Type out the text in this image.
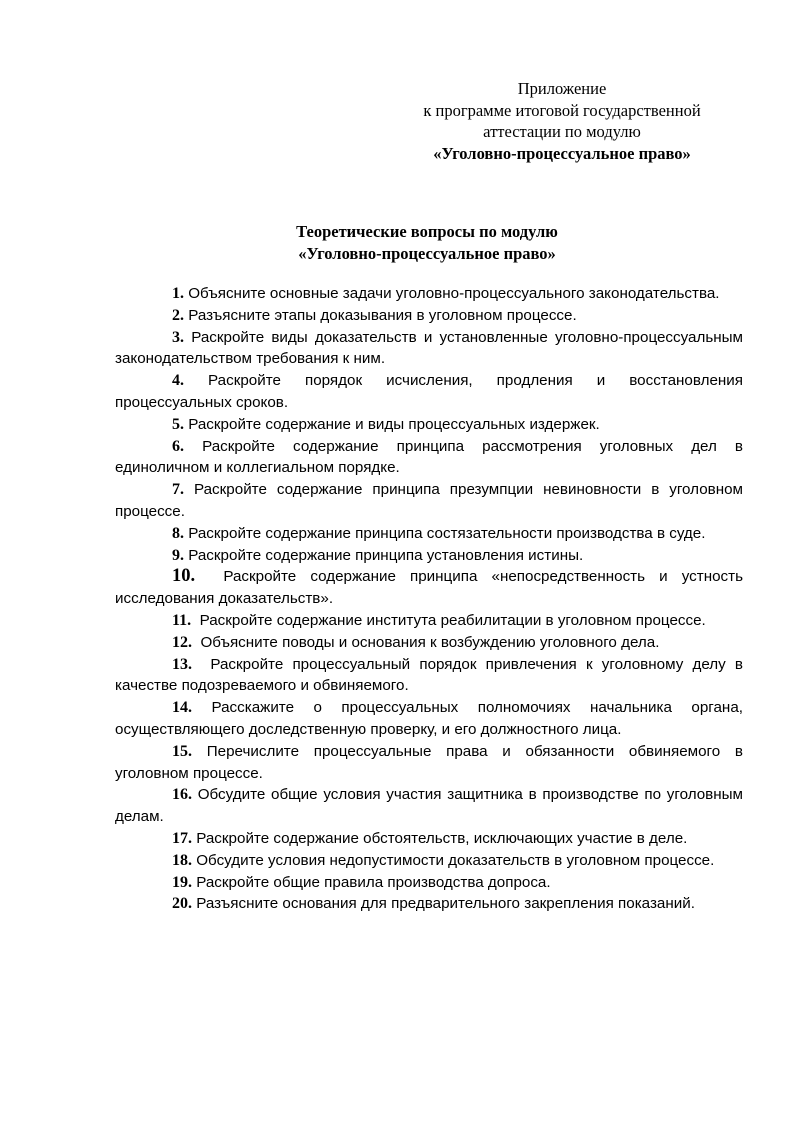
Приложение
к программе итоговой государственной
аттестации по модулю
«Уголовно-процессуальное право»
Теоретические вопросы по модулю
«Уголовно-процессуальное право»

1. Объясните основные задачи уголовно-процессуального законодательства.

2. Разъясните этапы доказывания в уголовном процессе.

3. Раскройте виды доказательств и установленные уголовно-процессуальным законодательством требования к ним.

4. Раскройте порядок исчисления, продления и восстановления процессуальных сроков.

5. Раскройте содержание и виды процессуальных издержек.

6. Раскройте содержание принципа рассмотрения уголовных дел в единоличном и коллегиальном порядке.

7. Раскройте содержание принципа презумпции невиновности в уголовном процессе.

8. Раскройте содержание принципа состязательности производства в суде.

9. Раскройте содержание принципа установления истины.

10. Раскройте содержание принципа «непосредственность и устность исследования доказательств».

11. Раскройте содержание института реабилитации в уголовном процессе.

12. Объясните поводы и основания к возбуждению уголовного дела.

13. Раскройте процессуальный порядок привлечения к уголовному делу в качестве подозреваемого и обвиняемого.

14. Расскажите о процессуальных полномочиях начальника органа, осуществляющего доследственную проверку, и его должностного лица.

15. Перечислите процессуальные права и обязанности обвиняемого в уголовном процессе.

16. Обсудите общие условия участия защитника в производстве по уголовным делам.

17. Раскройте содержание обстоятельств, исключающих участие в деле.

18. Обсудите условия недопустимости доказательств в уголовном процессе.

19. Раскройте общие правила производства допроса.

20. Разъясните основания для предварительного закрепления показаний.
